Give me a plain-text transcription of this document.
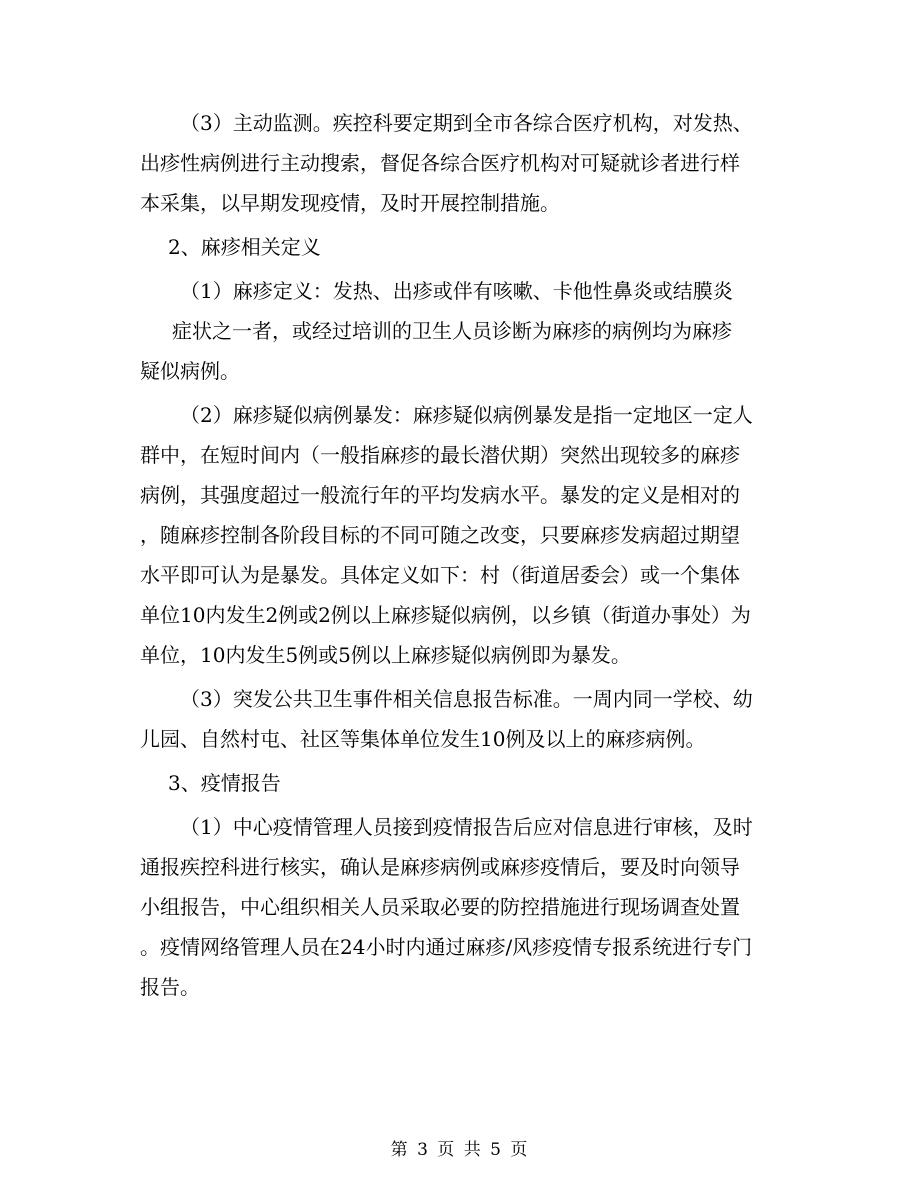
（3）主动监测。疾控科要定期到全市各综合医疗机构，对发热、
出疹性病例进行主动搜索，督促各综合医疗机构对可疑就诊者进行样
本采集，以早期发现疫情，及时开展控制措施。
2、麻疹相关定义
（1）麻疹定义：发热、出疹或伴有咳嗽、卡他性鼻炎或结膜炎
症状之一者，或经过培训的卫生人员诊断为麻疹的病例均为麻疹
疑似病例。
（2）麻疹疑似病例暴发：麻疹疑似病例暴发是指一定地区一定人
群中，在短时间内（一般指麻疹的最长潜伏期）突然出现较多的麻疹
病例，其强度超过一般流行年的平均发病水平。暴发的定义是相对的
，随麻疹控制各阶段目标的不同可随之改变，只要麻疹发病超过期望
水平即可认为是暴发。具体定义如下：村（街道居委会）或一个集体
单位10内发生2例或2例以上麻疹疑似病例，以乡镇（街道办事处）为
单位，10内发生5例或5例以上麻疹疑似病例即为暴发。
（3）突发公共卫生事件相关信息报告标准。一周内同一学校、幼
儿园、自然村屯、社区等集体单位发生10例及以上的麻疹病例。
3、疫情报告
（1）中心疫情管理人员接到疫情报告后应对信息进行审核，及时
通报疾控科进行核实，确认是麻疹病例或麻疹疫情后，要及时向领导
小组报告，中心组织相关人员采取必要的防控措施进行现场调查处置
。疫情网络管理人员在24小时内通过麻疹/风疹疫情专报系统进行专门
报告。
第 3 页 共 5 页
